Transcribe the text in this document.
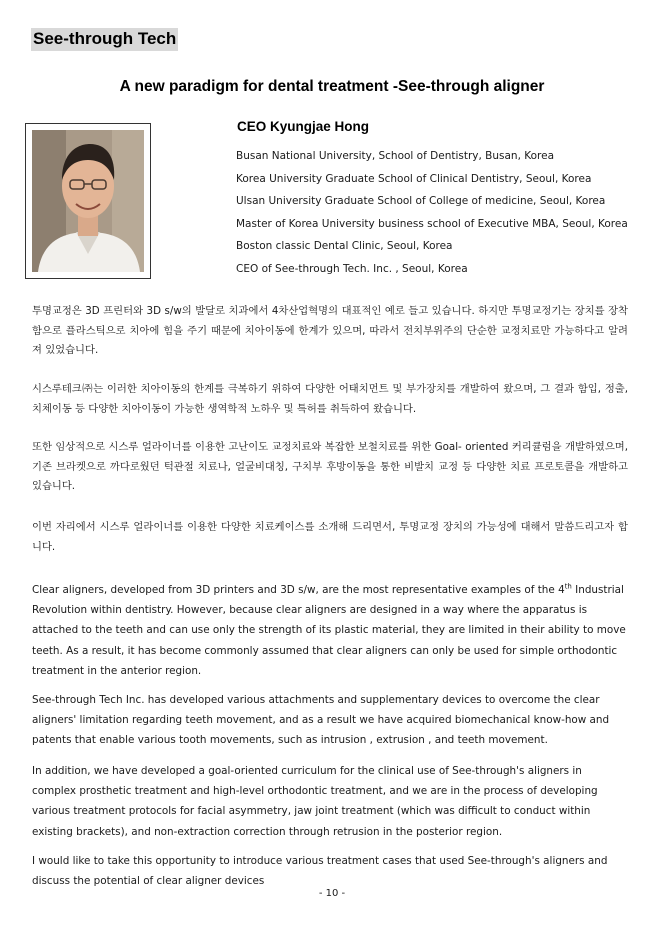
See-through Tech
A new paradigm for dental treatment -See-through aligner
CEO Kyungjae Hong
Busan National University, School of Dentistry, Busan, Korea
Korea University Graduate School of Clinical Dentistry, Seoul, Korea
Ulsan University Graduate School of College of medicine, Seoul, Korea
Master of Korea University business school of Executive MBA, Seoul, Korea
Boston classic Dental Clinic, Seoul, Korea
CEO of See-through Tech. Inc. , Seoul, Korea

투명교정은 3D 프린터와 3D s/w의 발달로 치과에서 4차산업혁명의 대표적인 예로 들고 있습니다. 하지만 투명교정기는 장치를 장착함으로 플라스틱으로 치아에 힘을 주기 때문에 치아이동에 한계가 있으며, 따라서 전치부위주의 단순한 교정치료만 가능하다고 알려져 있었습니다.

시스루테크㈜는 이러한 치아이동의 한계를 극복하기 위하여 다양한 어태치먼트 및 부가장치를 개발하여 왔으며, 그 결과 함입, 정출, 치체이동 등 다양한 치아이동이 가능한 생역학적 노하우 및 특허를 취득하여 왔습니다.

또한 임상적으로 시스루 얼라이너를 이용한 고난이도 교정치료와 복잡한 보철치료를 위한 Goal- oriented 커리큘럼을 개발하였으며, 기존 브라켓으로 까다로웠던 턱관절 치료나, 얼굴비대칭, 구치부 후방이동을 통한 비발치 교정 등 다양한 치료 프로토콜을 개발하고 있습니다.

이번 자리에서 시스루 얼라이너를 이용한 다양한 치료케이스를 소개해 드리면서, 투명교정 장치의 가능성에 대해서 말씀드리고자 합니다.

Clear aligners, developed from 3D printers and 3D s/w, are the most representative examples of the 4th Industrial Revolution within dentistry. However, because clear aligners are designed in a way where the apparatus is attached to the teeth and can use only the strength of its plastic material, they are limited in their ability to move teeth. As a result, it has become commonly assumed that clear aligners can only be used for simple orthodontic treatment in the anterior region.

See-through Tech Inc. has developed various attachments and supplementary devices to overcome the clear aligners' limitation regarding teeth movement, and as a result we have acquired biomechanical know-how and patents that enable various tooth movements, such as intrusion , extrusion , and teeth movement.

In addition, we have developed a goal-oriented curriculum for the clinical use of See-through's aligners in complex prosthetic treatment and high-level orthodontic treatment, and we are in the process of developing various treatment protocols for facial asymmetry, jaw joint treatment (which was difficult to conduct within existing brackets), and non-extraction correction through retrusion in the posterior region.

I would like to take this opportunity to introduce various treatment cases that used See-through's aligners and discuss the potential of clear aligner devices

- 10 -
